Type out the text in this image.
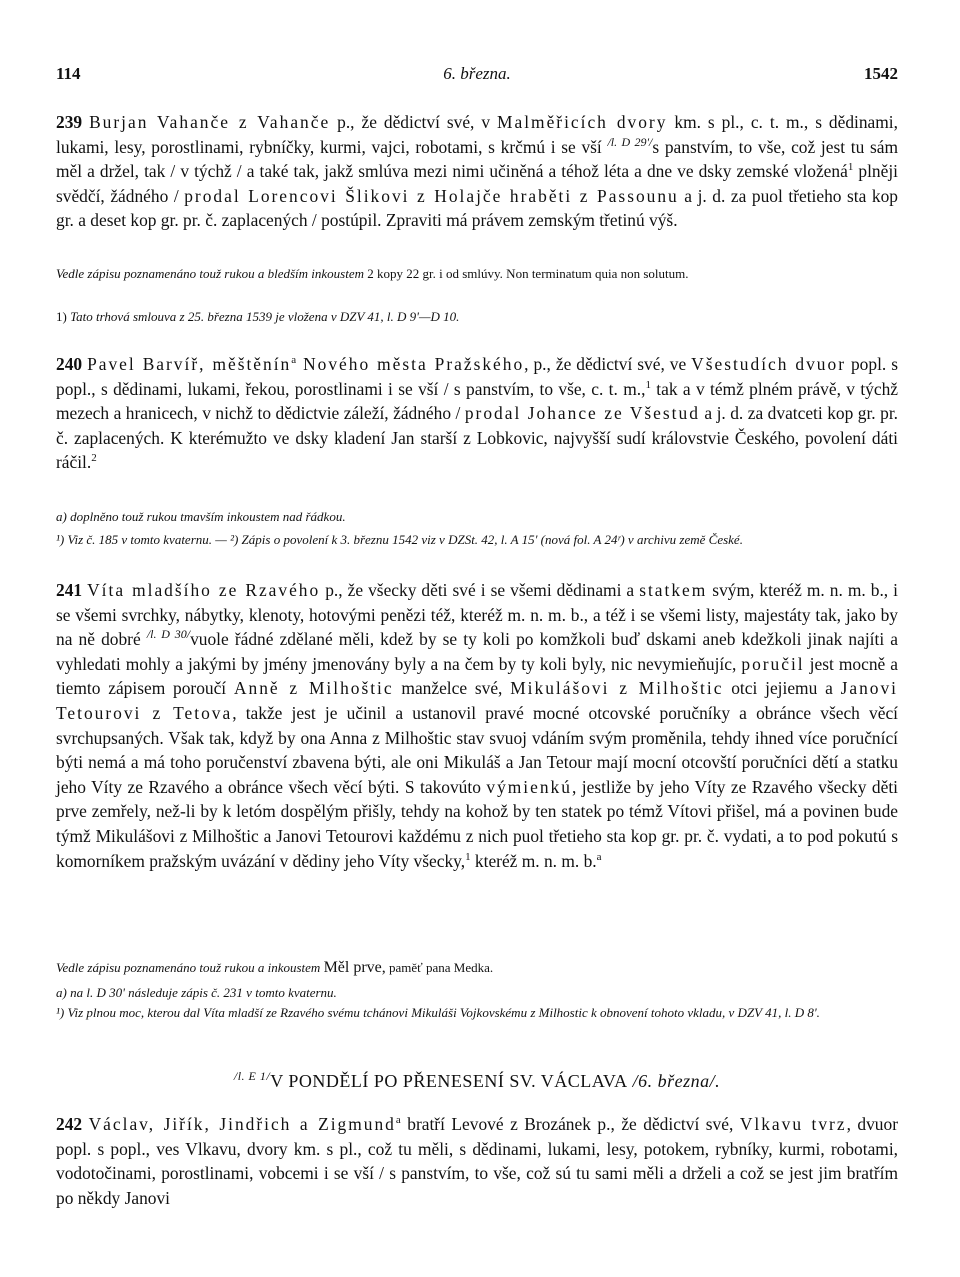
114	6. března.	1542
239 Burjan Vahanče z Vahanče p., že dědictví své, v Malměřicích dvory km. s pl., c. t. m., s dědinami, lukami, lesy, porostlinami, rybníčky, kurmi, vajci, robotami, s krčmú i se vší $^{/l. D 29'/}$s panstvím, to vše, což jest tu sám měl a držel, tak / v týchž / a také tak, jakž smlúva mezi nimi učiněná a téhož léta a dne ve dsky zemské vložená$^1$ plněji svědčí, žádného / prodal Lorencovi Šlikovi z Holajče hraběti z Passounu a j. d. za puol třetieho sta kop gr. a deset kop gr. pr. č. zaplacených / postúpil. Zpraviti má právem zemským třetinú výš.
Vedle zápisu poznamenáno touž rukou a bledším inkoustem 2 kopy 22 gr. i od smlúvy. Non terminatum quia non solutum.
1) Tato trhová smlouva z 25. března 1539 je vložena v DZV 41, l. D 9'—D 10.
240 Pavel Barvíř, měštěnín$^a$ Nového města Pražského, p., že dědictví své, ve Všestudích dvuor popl. s popl., s dědinami, lukami, řekou, porostlinami i se vší / s panstvím, to vše, c. t. m.,$^1$ tak a v témž plném právě, v týchž mezech a hranicech, v nichž to dědictvie záleží, žádného / prodal Johance ze Všestud a j. d. za dvatceti kop gr. pr. č. zaplacených. K kterémužto ve dsky kladení Jan starší z Lobkovic, najvyšší sudí královstvie Českého, povolení dáti ráčil.$^2$
a) doplněno touž rukou tmavším inkoustem nad řádkou.
¹) Viz č. 185 v tomto kvaternu. — ²) Zápis o povolení k 3. březnu 1542 viz v DZSt. 42, l. A 15' (nová fol. A 24ʳ) v archivu země České.
241 Víta mladšího ze Rzavého p., že všecky děti své i se všemi dědinami a statkem svým, kteréž m. n. m. b., i se všemi svrchky, nábytky, klenoty, hotovými penězi též, kteréž m. n. m. b., a též i se všemi listy, majestáty tak, jako by na ně dobré $^{/l. D 30/}$vuole řádné zdělané měli, kdež by se ty koli po komžkoli buď dskami aneb kdežkoli jinak najíti a vyhledati mohly a jakými by jmény jmenovány byly a na čem by ty koli byly, nic nevymieňujíc, poručil jest mocně a tiemto zápisem poroučí Anně z Milhoštic manželce své, Mikulášovi z Milhoštic otci jejiemu a Janovi Tetourovi z Tetova, takže jest je učinil a ustanovil pravé mocné otcovské poručníky a obránce všech věcí svrchupsaných. Však tak, když by ona Anna z Milhoštic stav svuoj vdáním svým proměnila, tehdy ihned více poručnící býti nemá a má toho poručenství zbavena býti, ale oni Mikuláš a Jan Tetour mají mocní otcovští poručníci dětí a statku jeho Víty ze Rzavého a obránce všech věcí býti. S takovúto výmienkú, jestliže by jeho Víty ze Rzavého všecky děti prve zemřely, než-li by k letóm dospělým přišly, tehdy na kohož by ten statek po témž Vítovi přišel, má a povinen bude týmž Mikulášovi z Milhoštic a Janovi Tetourovi každému z nich puol třetieho sta kop gr. pr. č. vydati, a to pod pokutú s komorníkem pražským uvázání v dědiny jeho Víty všecky,$^1$ kteréž m. n. m. b.$^a$
Vedle zápisu poznamenáno touž rukou a inkoustem Měl prve, paměť pana Medka.
a) na l. D 30' následuje zápis č. 231 v tomto kvaternu.
¹) Viz plnou moc, kterou dal Víta mladší ze Rzavého svému tchánovi Mikuláši Vojkovskému z Milhostic k obnovení tohoto vkladu, v DZV 41, l. D 8'.
$^{/l. E 1/}$V PONDĚLÍ PO PŘENESENÍ SV. VÁCLAVA /6. března/.
242 Václav, Jiřík, Jindřich a Zigmund$^a$ bratří Levové z Brozánek p., že dědictví své, Vlkavu tvrz, dvuor popl. s popl., ves Vlkavu, dvory km. s pl., což tu měli, s dědinami, lukami, lesy, potokem, rybníky, kurmi, robotami, vodotočinami, porostlinami, vobcemi i se vší / s panstvím, to vše, což sú tu sami měli a drželi a což se jest jim bratřím po někdy Janovi
